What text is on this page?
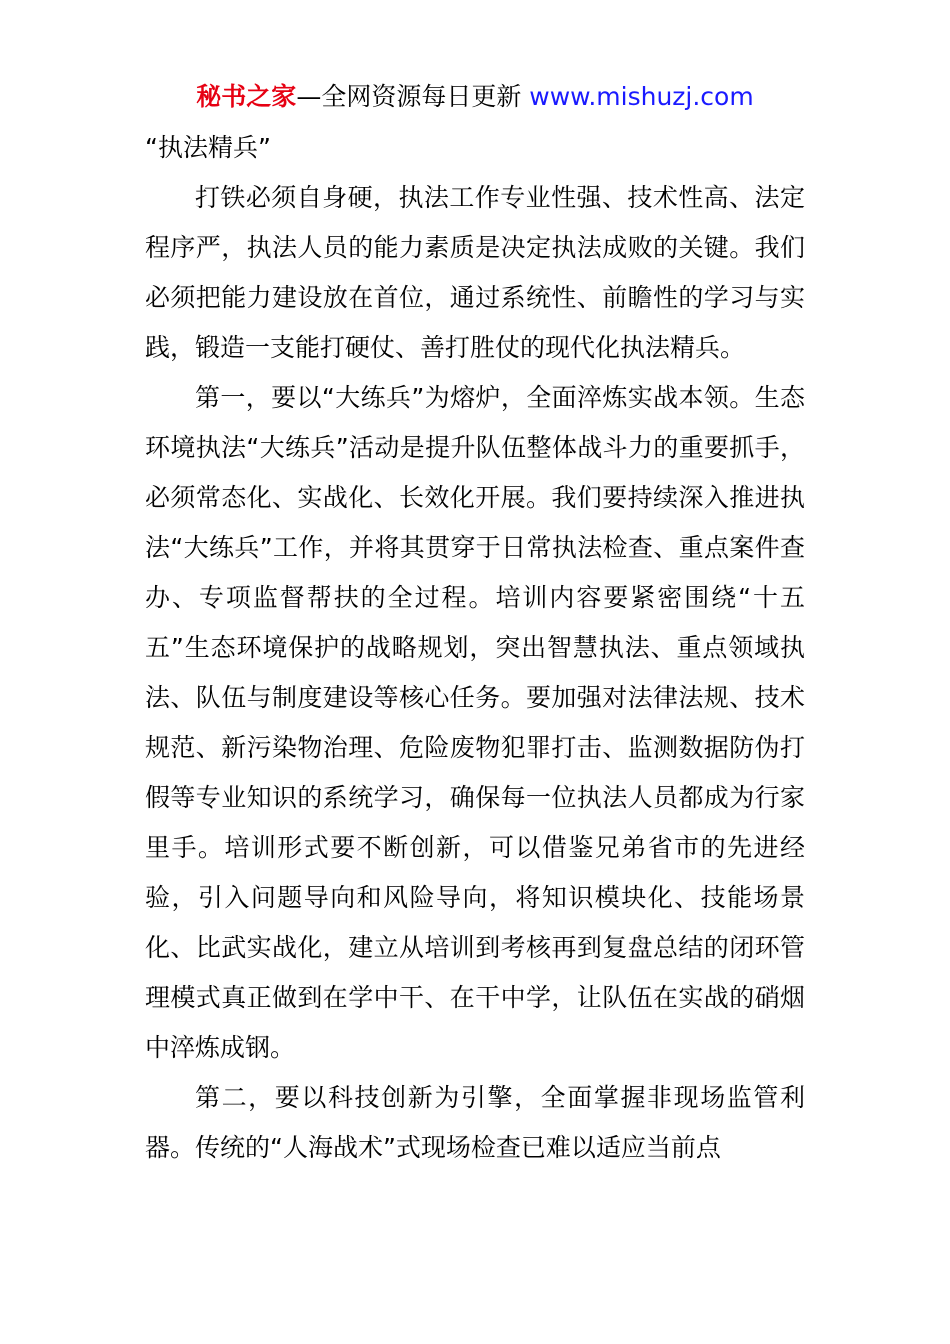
秘书之家—全网资源每日更新 www.mishuzj.com

“执法精兵”

打铁必须自身硬，执法工作专业性强、技术性高、法定程序严，执法人员的能力素质是决定执法成败的关键。我们必须把能力建设放在首位，通过系统性、前瞻性的学习与实践，锻造一支能打硬仗、善打胜仗的现代化执法精兵。

第一，要以“大练兵”为熔炉，全面淬炼实战本领。生态环境执法“大练兵”活动是提升队伍整体战斗力的重要抓手，必须常态化、实战化、长效化开展。我们要持续深入推进执法“大练兵”工作，并将其贯穿于日常执法检查、重点案件查办、专项监督帮扶的全过程。培训内容要紧密围绕“十五五”生态环境保护的战略规划，突出智慧执法、重点领域执法、队伍与制度建设等核心任务。要加强对法律法规、技术规范、新污染物治理、危险废物犯罪打击、监测数据防伪打假等专业知识的系统学习，确保每一位执法人员都成为行家里手。培训形式要不断创新，可以借鉴兄弟省市的先进经验，引入问题导向和风险导向，将知识模块化、技能场景化、比武实战化，建立从培训到考核再到复盘总结的闭环管理模式真正做到在学中干、在干中学，让队伍在实战的硝烟中淬炼成钢。

第二，要以科技创新为引擎，全面掌握非现场监管利器。传统的“人海战术”式现场检查已难以适应当前点
